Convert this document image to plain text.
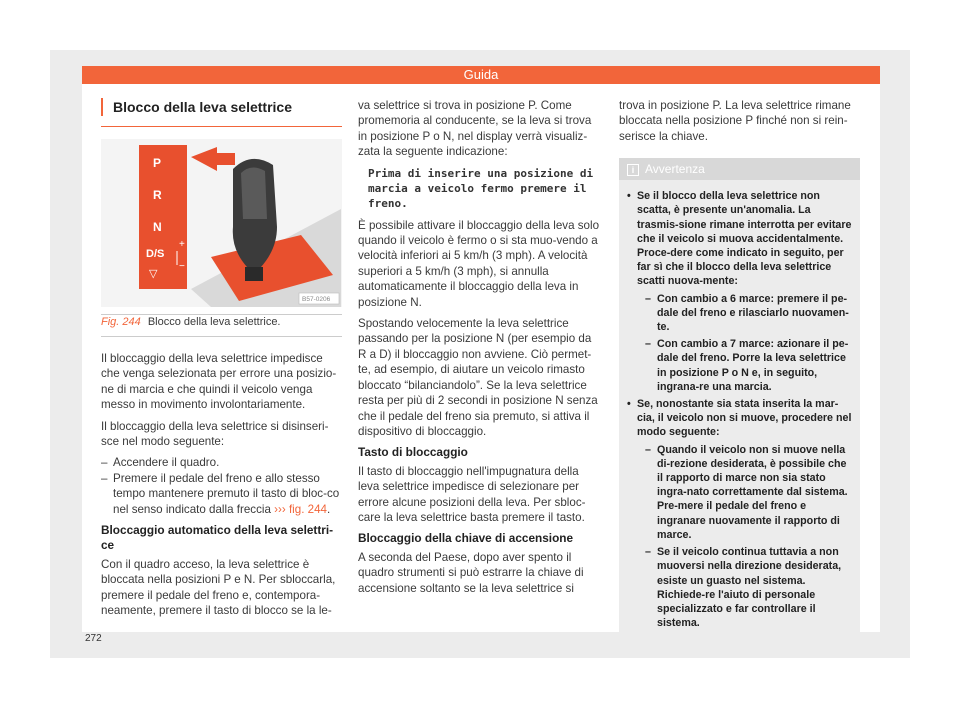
Guida
Blocco della leva selettrice
P
R
N
D/S
▽
+
−
B57-0206
Fig. 244 Blocco della leva selettrice.

Il bloccaggio della leva selettrice impedisce che venga selezionata per errore una posizio-ne di marcia e che quindi il veicolo venga messo in movimento involontariamente.

Il bloccaggio della leva selettrice si disinseri-sce nel modo seguente:

– Accendere il quadro.
– Premere il pedale del freno e allo stesso tempo mantenere premuto il tasto di bloc-co nel senso indicato dalla freccia ››› fig. 244.
Bloccaggio automatico della leva selettri-ce

Con il quadro acceso, la leva selettrice è bloccata nella posizioni P e N. Per sbloccarla, premere il pedale del freno e, contempora-neamente, premere il tasto di blocco se la le-

va selettrice si trova in posizione P. Come promemoria al conducente, se la leva si trova in posizione P o N, nel display verrà visualiz-zata la seguente indicazione:

Prima di inserire una posizione di marcia a veicolo fermo premere il freno.

È possibile attivare il bloccaggio della leva solo quando il veicolo è fermo o si sta muo-vendo a velocità inferiori ai 5 km/h (3 mph). A velocità superiori a 5 km/h (3 mph), si annulla automaticamente il bloccaggio della leva in posizione N.

Spostando velocemente la leva selettrice passando per la posizione N (per esempio da R a D) il bloccaggio non avviene. Ciò permet-te, ad esempio, di aiutare un veicolo rimasto bloccato “bilanciandolo”. Se la leva selettrice resta per più di 2 secondi in posizione N senza che il pedale del freno sia premuto, si attiva il dispositivo di bloccaggio.

Tasto di bloccaggio

Il tasto di bloccaggio nell'impugnatura della leva selettrice impedisce di selezionare per errore alcune posizioni della leva. Per sbloc-care la leva selettrice basta premere il tasto.

Bloccaggio della chiave di accensione

A seconda del Paese, dopo aver spento il quadro strumenti si può estrarre la chiave di accensione soltanto se la leva selettrice si

trova in posizione P. La leva selettrice rimane bloccata nella posizione P finché non si rein-serisce la chiave.

i Avvertenza
• Se il blocco della leva selettrice non scatta, è presente un'anomalia. La trasmis-sione rimane interrotta per evitare che il veicolo si muova accidentalmente. Proce-dere come indicato in seguito, per far sì che il blocco della leva selettrice scatti nuova-mente:
– Con cambio a 6 marce: premere il pe-dale del freno e rilasciarlo nuovamen-te.
– Con cambio a 7 marce: azionare il pe-dale del freno. Porre la leva selettrice in posizione P o N e, in seguito, ingrana-re una marcia.
• Se, nonostante sia stata inserita la mar-cia, il veicolo non si muove, procedere nel modo seguente:
– Quando il veicolo non si muove nella di-rezione desiderata, è possibile che il rapporto di marce non sia stato ingra-nato correttamente dal sistema. Pre-mere il pedale del freno e ingranare nuovamente il rapporto di marce.
– Se il veicolo continua tuttavia a non muoversi nella direzione desiderata, esiste un guasto nel sistema. Richiede-re l'aiuto di personale specializzato e far controllare il sistema.
272
